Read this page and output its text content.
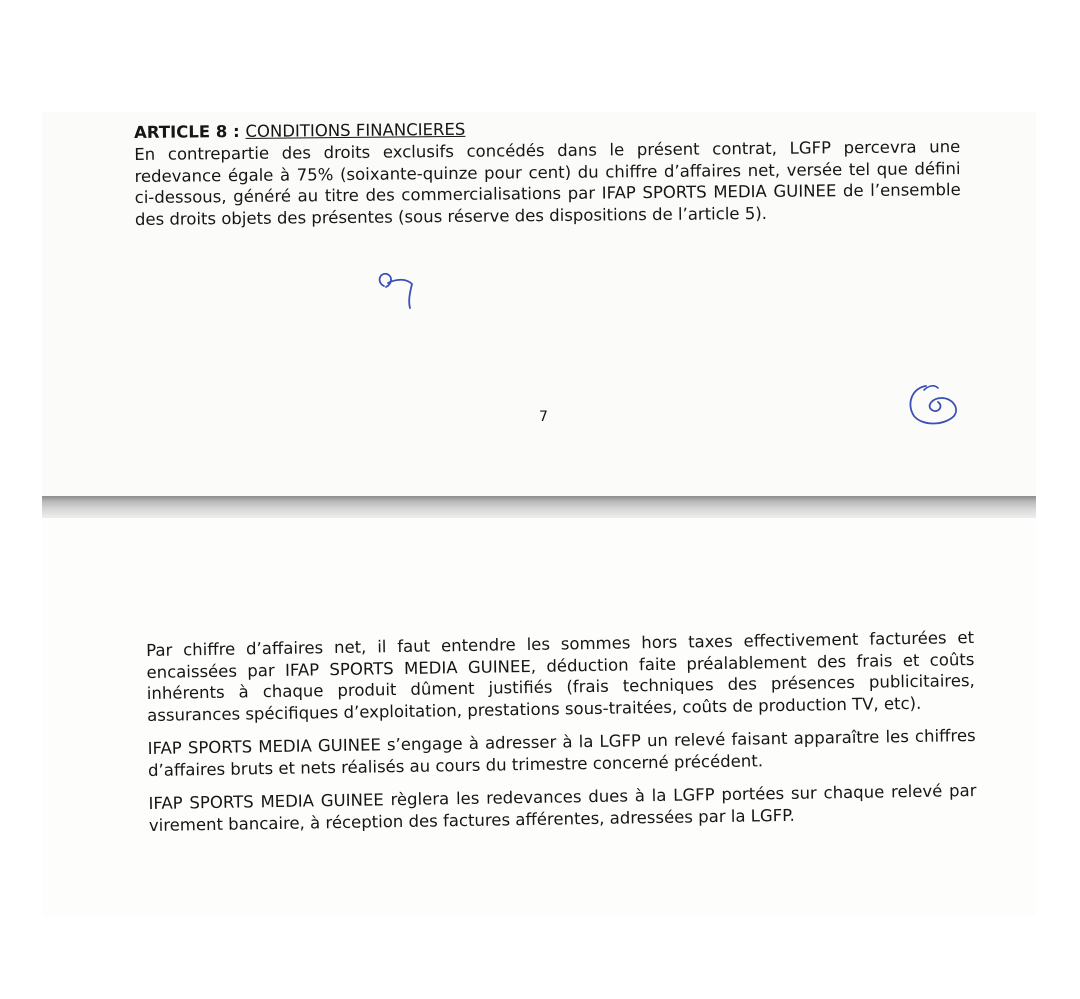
ARTICLE 8 : CONDITIONS FINANCIERES

En contrepartie des droits exclusifs concédés dans le présent contrat, LGFP percevra une redevance égale à 75% (soixante-quinze pour cent) du chiffre d’affaires net, versée tel que défini ci-dessous, généré au titre des commercialisations par IFAP SPORTS MEDIA GUINEE de l’ensemble des droits objets des présentes (sous réserve des dispositions de l’article 5).

7

Par chiffre d’affaires net, il faut entendre les sommes hors taxes effectivement facturées et encaissées par IFAP SPORTS MEDIA GUINEE, déduction faite préalablement des frais et coûts inhérents à chaque produit dûment justifiés (frais techniques des présences publicitaires, assurances spécifiques d’exploitation, prestations sous-traitées, coûts de production TV, etc).

IFAP SPORTS MEDIA GUINEE s’engage à adresser à la LGFP un relevé faisant apparaître les chiffres d’affaires bruts et nets réalisés au cours du trimestre concerné précédent.

IFAP SPORTS MEDIA GUINEE règlera les redevances dues à la LGFP portées sur chaque relevé par virement bancaire, à réception des factures afférentes, adressées par la LGFP.
